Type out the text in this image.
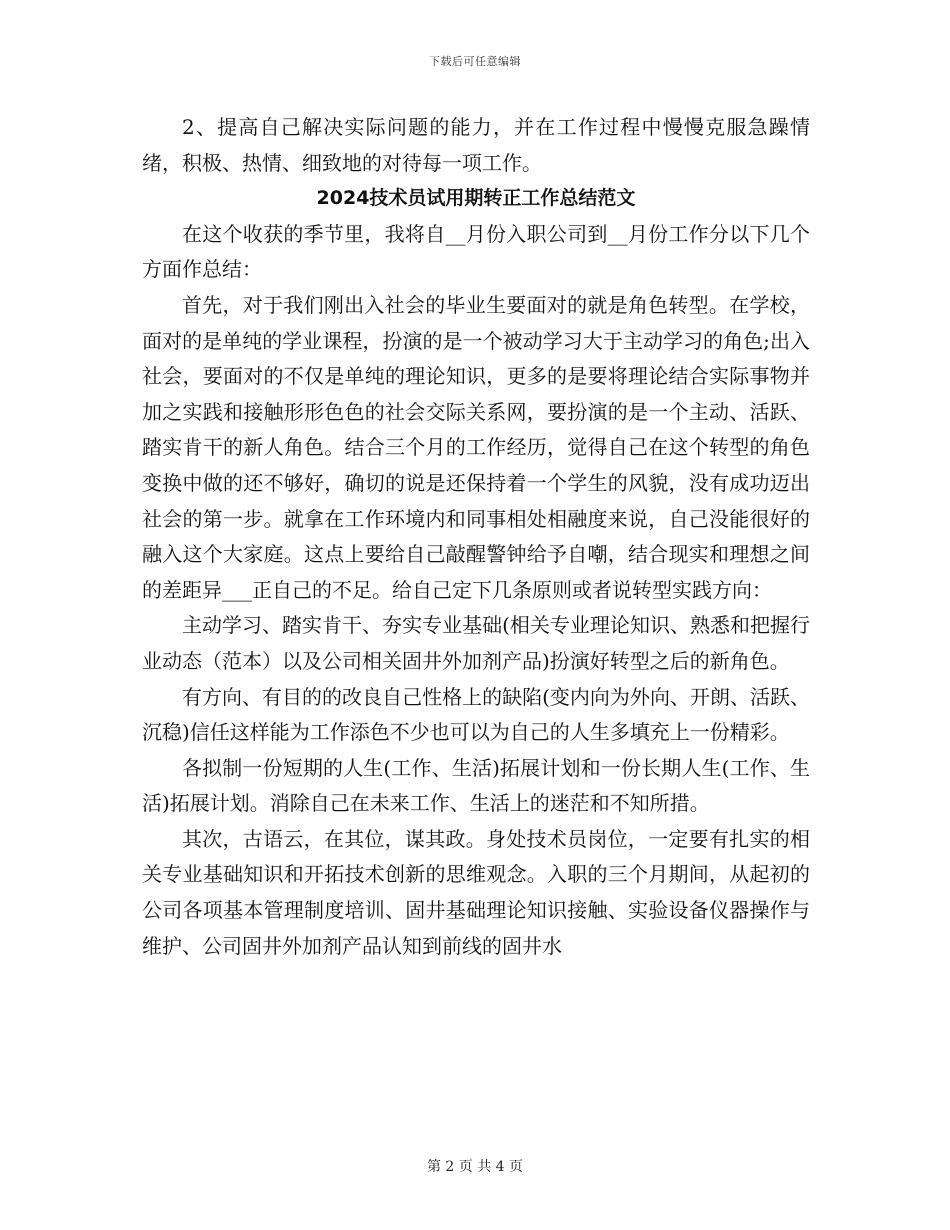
下载后可任意编辑

2、提高自己解决实际问题的能力，并在工作过程中慢慢克服急躁情绪，积极、热情、细致地的对待每一项工作。

2024技术员试用期转正工作总结范文

在这个收获的季节里，我将自__月份入职公司到__月份工作分以下几个方面作总结：

首先，对于我们刚出入社会的毕业生要面对的就是角色转型。在学校，面对的是单纯的学业课程，扮演的是一个被动学习大于主动学习的角色;出入社会，要面对的不仅是单纯的理论知识，更多的是要将理论结合实际事物并加之实践和接触形形色色的社会交际关系网，要扮演的是一个主动、活跃、踏实肯干的新人角色。结合三个月的工作经历，觉得自己在这个转型的角色变换中做的还不够好，确切的说是还保持着一个学生的风貌，没有成功迈出社会的第一步。就拿在工作环境内和同事相处相融度来说，自己没能很好的融入这个大家庭。这点上要给自己敲醒警钟给予自嘲，结合现实和理想之间的差距异___正自己的不足。给自己定下几条原则或者说转型实践方向：

主动学习、踏实肯干、夯实专业基础(相关专业理论知识、熟悉和把握行业动态（范本）以及公司相关固井外加剂产品)扮演好转型之后的新角色。

有方向、有目的的改良自己性格上的缺陷(变内向为外向、开朗、活跃、沉稳)信任这样能为工作添色不少也可以为自己的人生多填充上一份精彩。

各拟制一份短期的人生(工作、生活)拓展计划和一份长期人生(工作、生活)拓展计划。消除自己在未来工作、生活上的迷茫和不知所措。

其次，古语云，在其位，谋其政。身处技术员岗位，一定要有扎实的相关专业基础知识和开拓技术创新的思维观念。入职的三个月期间，从起初的公司各项基本管理制度培训、固井基础理论知识接触、实验设备仪器操作与维护、公司固井外加剂产品认知到前线的固井水

第 2 页 共 4 页
